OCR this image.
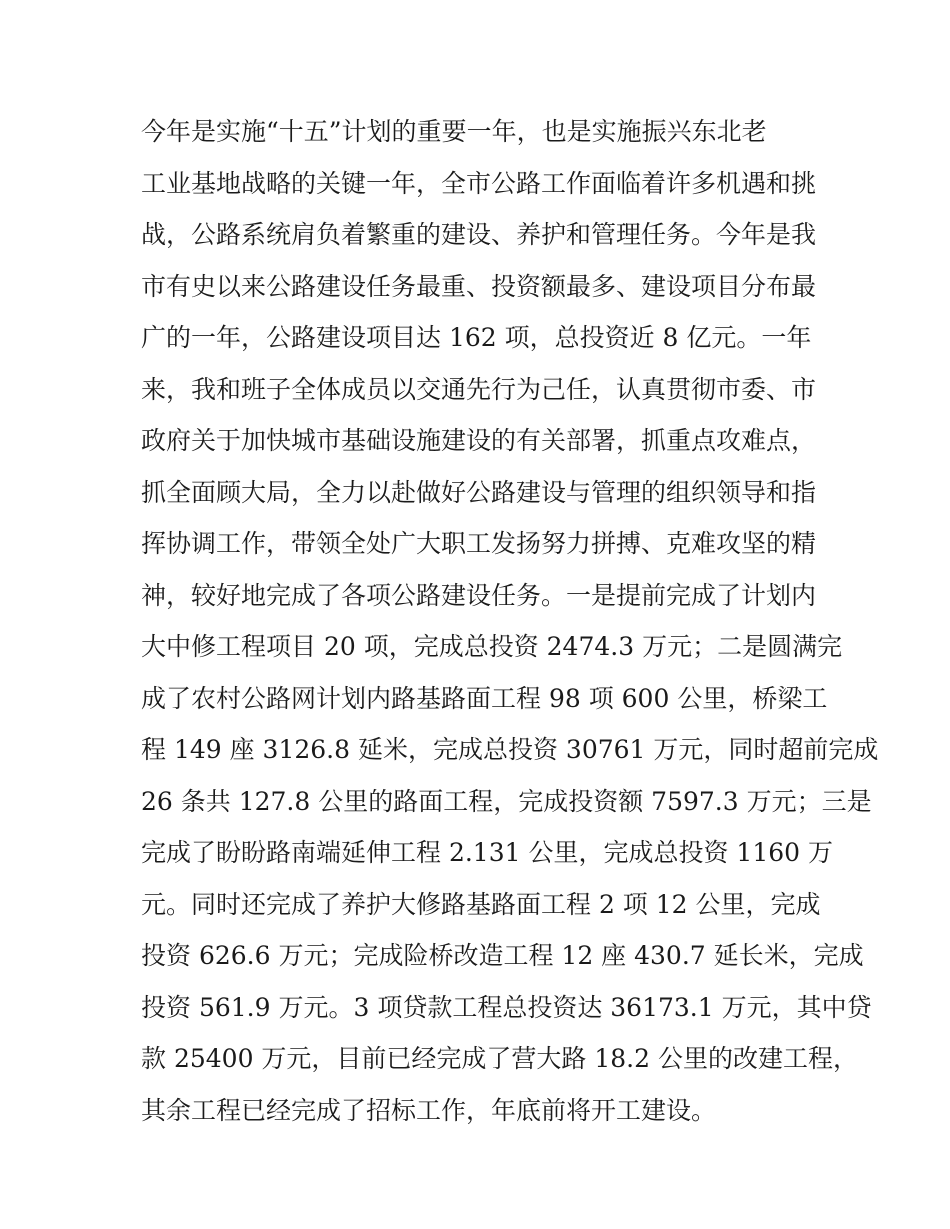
今年是实施“十五”计划的重要一年，也是实施振兴东北老
工业基地战略的关键一年，全市公路工作面临着许多机遇和挑
战，公路系统肩负着繁重的建设、养护和管理任务。今年是我
市有史以来公路建设任务最重、投资额最多、建设项目分布最
广的一年，公路建设项目达 162 项，总投资近 8 亿元。一年
来，我和班子全体成员以交通先行为己任，认真贯彻市委、市
政府关于加快城市基础设施建设的有关部署，抓重点攻难点，
抓全面顾大局，全力以赴做好公路建设与管理的组织领导和指
挥协调工作，带领全处广大职工发扬努力拼搏、克难攻坚的精
神，较好地完成了各项公路建设任务。一是提前完成了计划内
大中修工程项目 20 项，完成总投资 2474.3 万元；二是圆满完
成了农村公路网计划内路基路面工程 98 项 600 公里，桥梁工
程 149 座 3126.8 延米，完成总投资 30761 万元，同时超前完成
26 条共 127.8 公里的路面工程，完成投资额 7597.3 万元；三是
完成了盼盼路南端延伸工程 2.131 公里，完成总投资 1160 万
元。同时还完成了养护大修路基路面工程 2 项 12 公里，完成
投资 626.6 万元；完成险桥改造工程 12 座 430.7 延长米，完成
投资 561.9 万元。3 项贷款工程总投资达 36173.1 万元，其中贷
款 25400 万元，目前已经完成了营大路 18.2 公里的改建工程，
其余工程已经完成了招标工作，年底前将开工建设。
